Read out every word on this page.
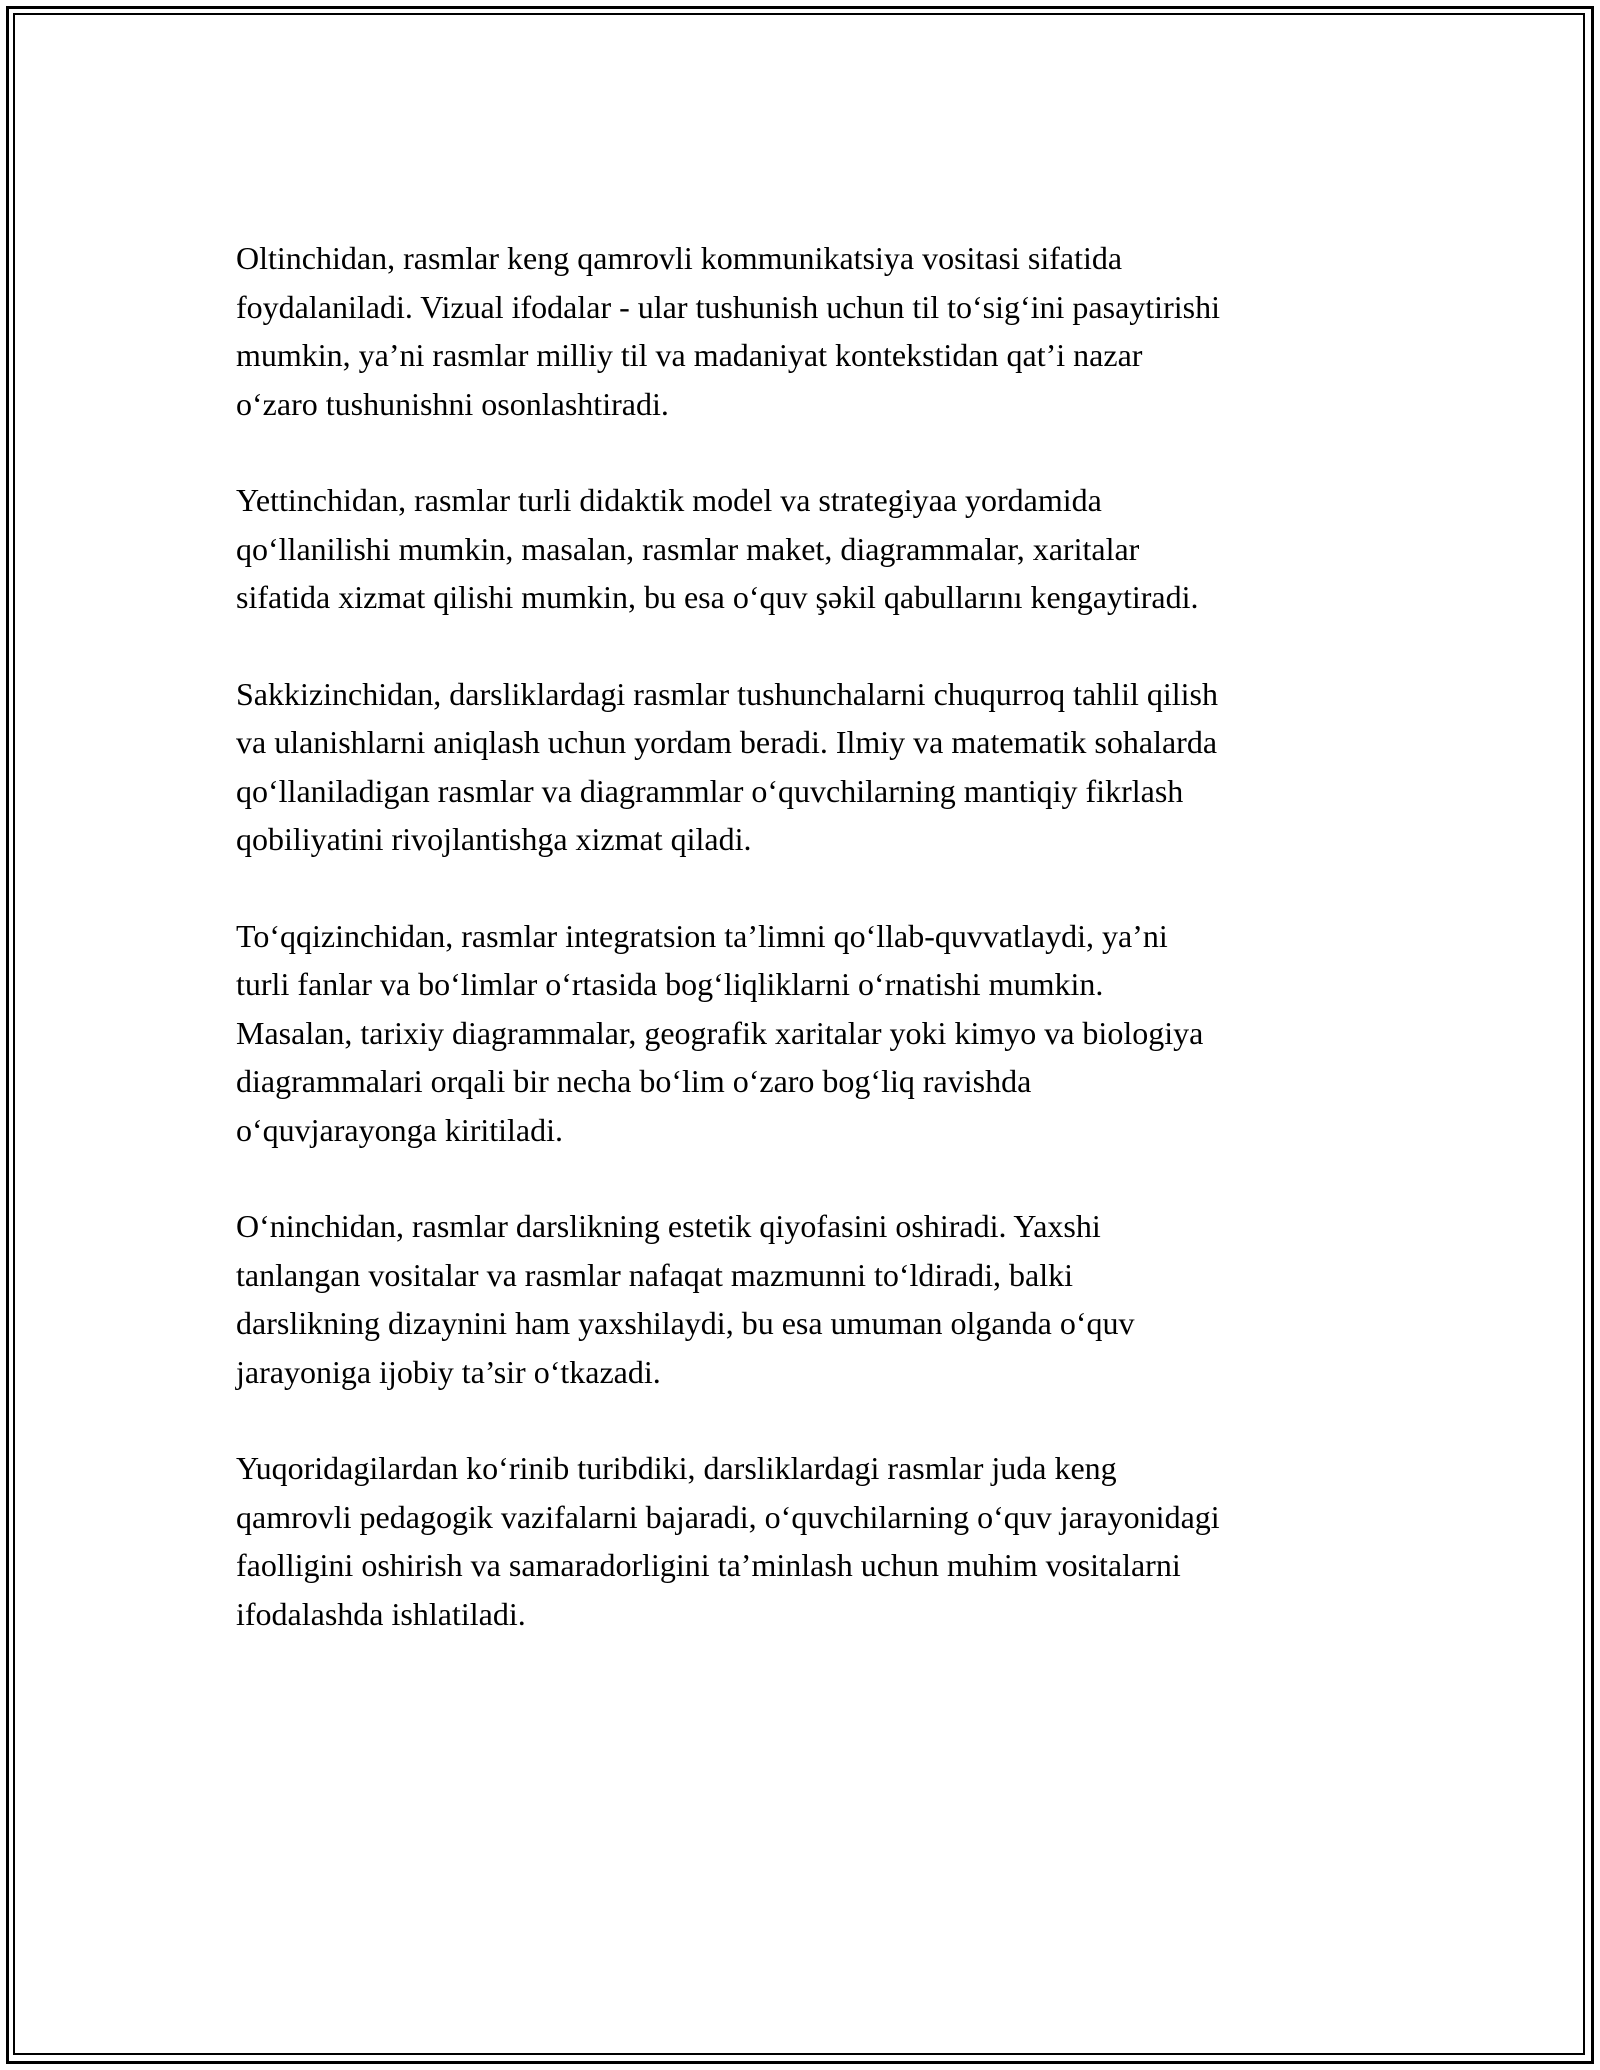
Oltinchidan, rasmlar keng qamrovli kommunikatsiya vositasi sifatida
foydalaniladi. Vizual ifodalar - ular tushunish uchun til to‘sig‘ini pasaytirishi
mumkin, ya’ni rasmlar milliy til va madaniyat kontekstidan qat’i nazar
o‘zaro tushunishni osonlashtiradi.

Yettinchidan, rasmlar turli didaktik model va strategiyaa yordamida
qo‘llanilishi mumkin, masalan, rasmlar maket, diagrammalar, xaritalar
sifatida xizmat qilishi mumkin, bu esa o‘quv şəkil qabullarını kengaytiradi.

Sakkizinchidan, darsliklardagi rasmlar tushunchalarni chuqurroq tahlil qilish
va ulanishlarni aniqlash uchun yordam beradi. Ilmiy va matematik sohalarda
qo‘llaniladigan rasmlar va diagrammlar o‘quvchilarning mantiqiy fikrlash
qobiliyatini rivojlantishga xizmat qiladi.

To‘qqizinchidan, rasmlar integratsion ta’limni qo‘llab-quvvatlaydi, ya’ni
turli fanlar va bo‘limlar o‘rtasida bog‘liqliklarni o‘rnatishi mumkin.
Masalan, tarixiy diagrammalar, geografik xaritalar yoki kimyo va biologiya
diagrammalari orqali bir necha bo‘lim o‘zaro bog‘liq ravishda
o‘quvjarayonga kiritiladi.

O‘ninchidan, rasmlar darslikning estetik qiyofasini oshiradi. Yaxshi
tanlangan vositalar va rasmlar nafaqat mazmunni to‘ldiradi, balki
darslikning dizaynini ham yaxshilaydi, bu esa umuman olganda o‘quv
jarayoniga ijobiy ta’sir o‘tkazadi.

Yuqoridagilardan ko‘rinib turibdiki, darsliklardagi rasmlar juda keng
qamrovli pedagogik vazifalarni bajaradi, o‘quvchilarning o‘quv jarayonidagi
faolligini oshirish va samaradorligini ta’minlash uchun muhim vositalarni
ifodalashda ishlatiladi.
